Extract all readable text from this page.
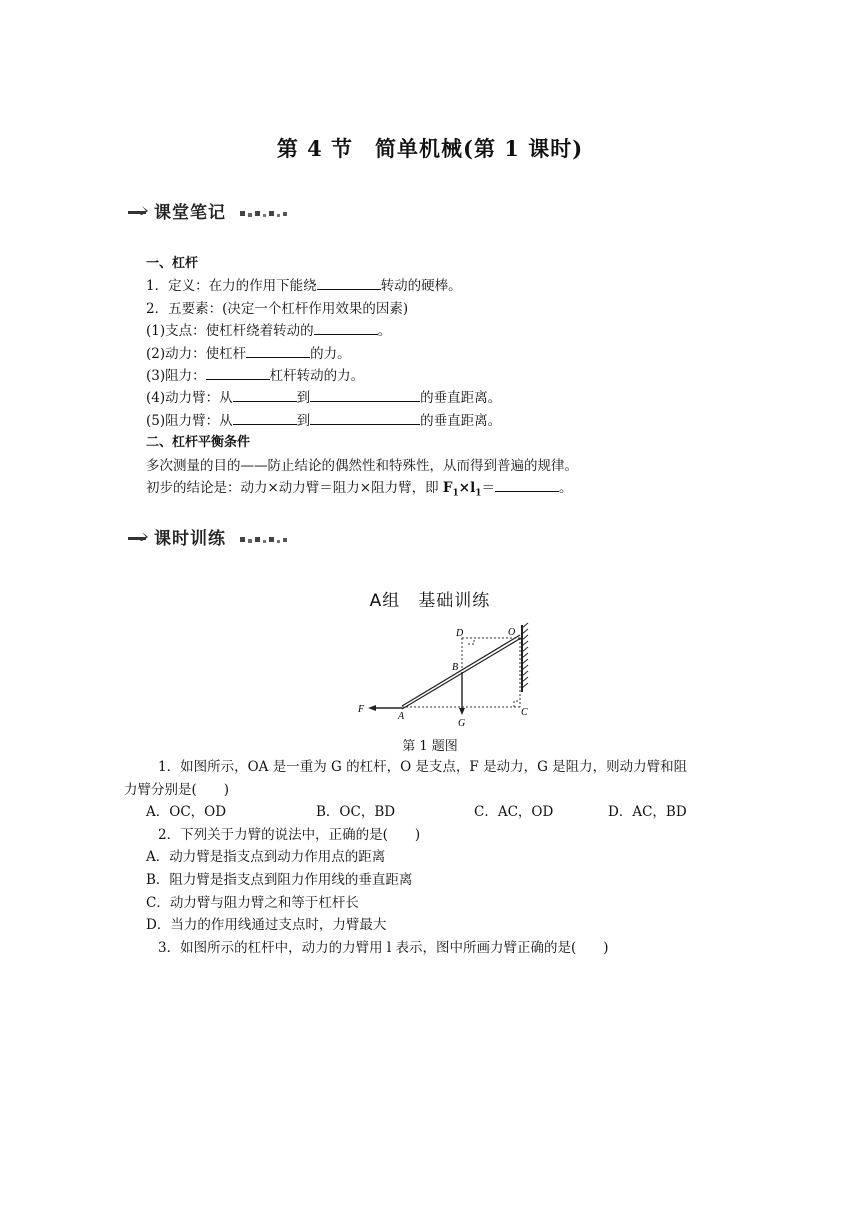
第 4 节　简单机械(第 1 课时)
课堂笔记
一、杠杆
1．定义：在力的作用下能绕	转动的硬棒。
2．五要素：(决定一个杠杆作用效果的因素)
(1)支点：使杠杆绕着转动的	。
(2)动力：使杠杆	的力。
(3)阻力：	杠杆转动的力。
(4)动力臂：从	到	的垂直距离。
(5)阻力臂：从	到	的垂直距离。
二、杠杆平衡条件
多次测量的目的——防止结论的偶然性和特殊性，从而得到普遍的规律。
初步的结论是：动力×动力臂＝阻力×阻力臂，即 $F_1\times l_1=$	。
课时训练
A组　基础训练
D	O
B
F
A
G
C
第 1 题图
1．如图所示，OA 是一重为 G 的杠杆，O 是支点，F 是动力，G 是阻力，则动力臂和阻
力臂分别是(　　)
A．OC，OD	B．OC，BD	C．AC，OD	D．AC，BD
2．下列关于力臂的说法中，正确的是(　　)
A．动力臂是指支点到动力作用点的距离
B．阻力臂是指支点到阻力作用线的垂直距离
C．动力臂与阻力臂之和等于杠杆长
D．当力的作用线通过支点时，力臂最大
3．如图所示的杠杆中，动力的力臂用 l 表示，图中所画力臂正确的是(　　)
